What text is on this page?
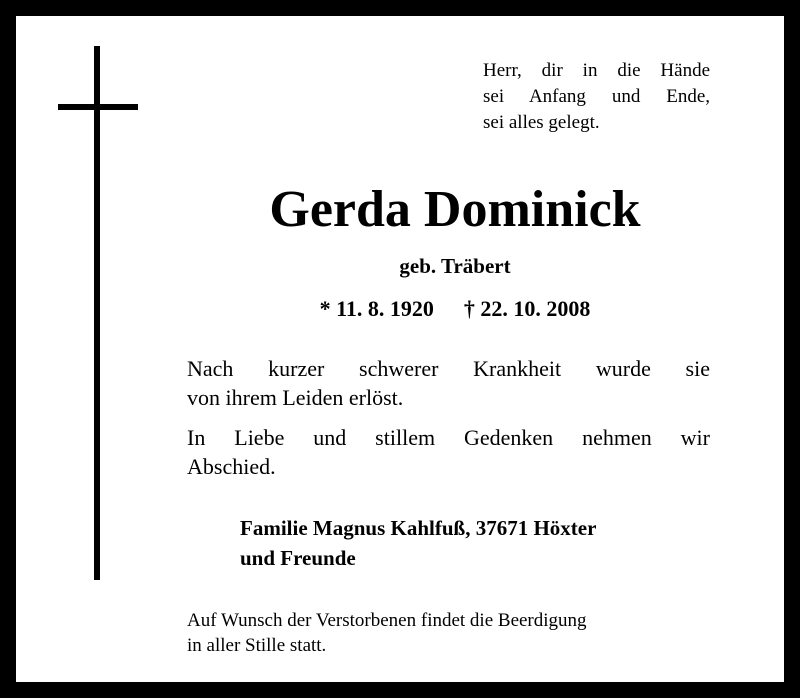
Herr, dir in die Hände
sei Anfang und Ende,
sei alles gelegt.
Gerda Dominick
geb. Träbert
* 11. 8. 1920 † 22. 10. 2008
Nach kurzer schwerer Krankheit wurde sie
von ihrem Leiden erlöst.
In Liebe und stillem Gedenken nehmen wir
Abschied.
Familie Magnus Kahlfuß, 37671 Höxter
und Freunde
Auf Wunsch der Verstorbenen findet die Beerdigung
in aller Stille statt.
